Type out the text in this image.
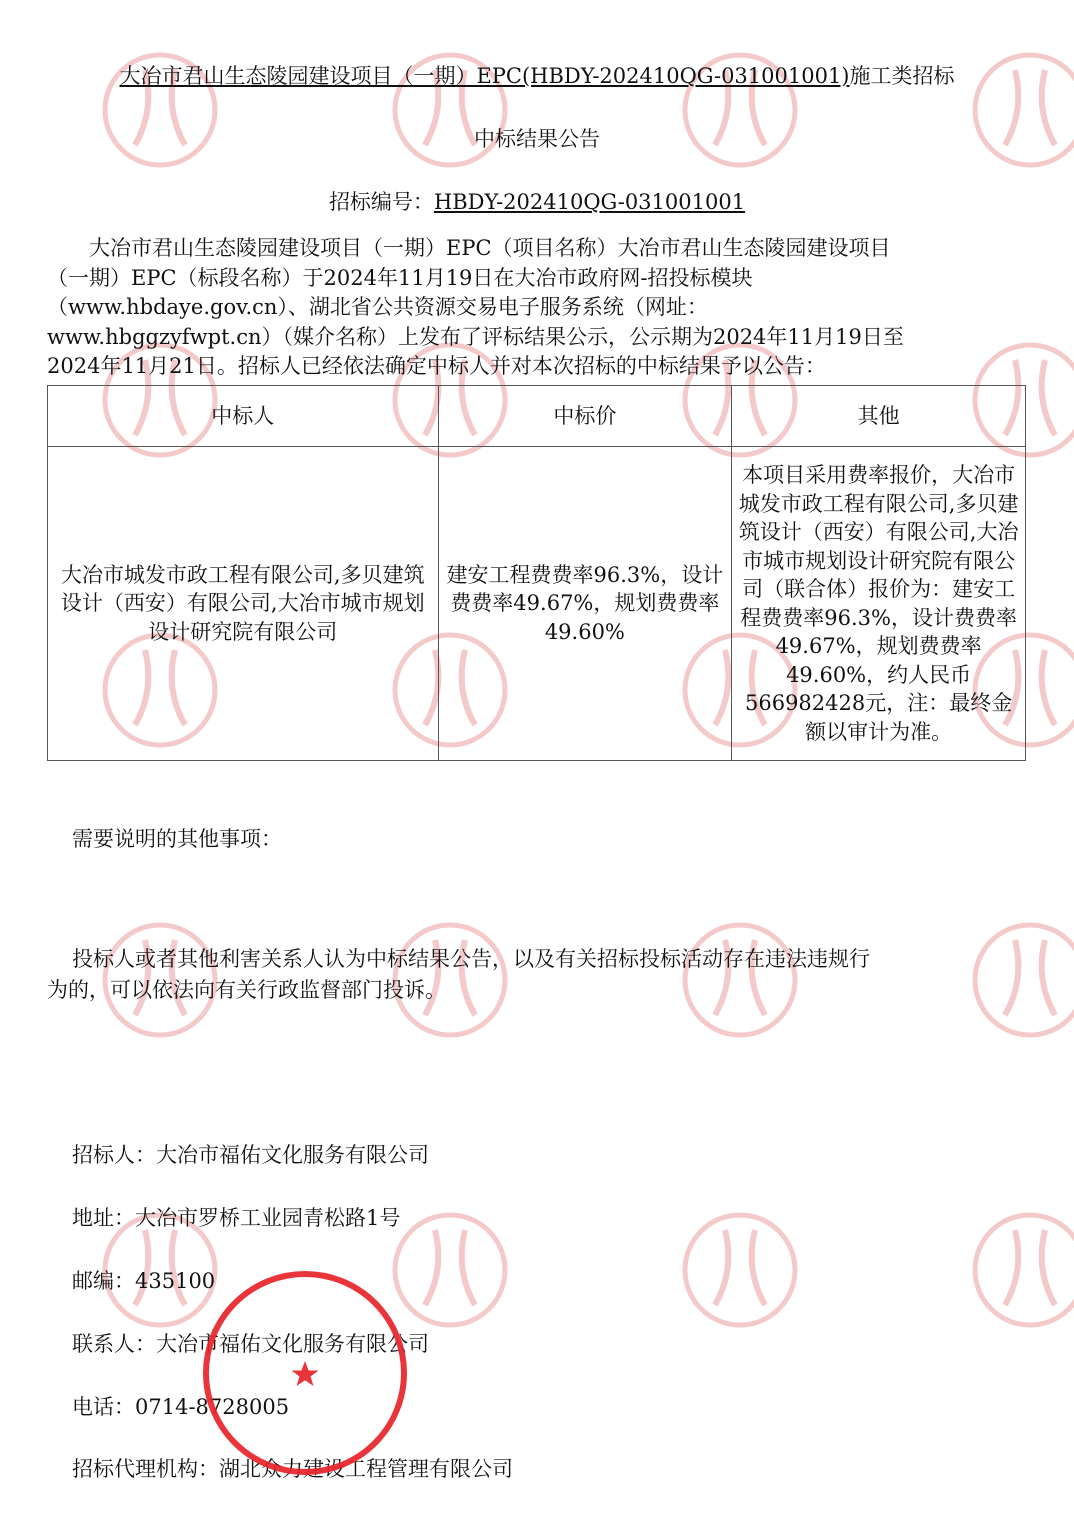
大冶市君山生态陵园建设项目（一期）EPC(HBDY-202410QG-031001001)施工类招标
中标结果公告
招标编号：HBDY-202410QG-031001001
　　大冶市君山生态陵园建设项目（一期）EPC（项目名称）大冶市君山生态陵园建设项目
（一期）EPC（标段名称）于2024年11月19日在大冶市政府网-招投标模块
（www.hbdaye.gov.cn）、湖北省公共资源交易电子服务系统（网址：
www.hbggzyfwpt.cn）（媒介名称）上发布了评标结果公示，公示期为2024年11月19日至
2024年11月21日。招标人已经依法确定中标人并对本次招标的中标结果予以公告：
中标人	中标价	其他
大冶市城发市政工程有限公司,多贝建筑设计（西安）有限公司,大冶市城市规划设计研究院有限公司	建安工程费费率96.3%，设计费费率49.67%，规划费费率49.60%	本项目采用费率报价，大冶市城发市政工程有限公司,多贝建筑设计（西安）有限公司,大冶市城市规划设计研究院有限公司（联合体）报价为：建安工程费费率96.3%，设计费费率49.67%，规划费费率49.60%，约人民币566982428元，注：最终金额以审计为准。
需要说明的其他事项：
投标人或者其他利害关系人认为中标结果公告，以及有关招标投标活动存在违法违规行
为的，可以依法向有关行政监督部门投诉。
招标人：大冶市福佑文化服务有限公司
地址：大冶市罗桥工业园青松路1号
邮编：435100
联系人：大冶市福佑文化服务有限公司
电话：0714-8728005
招标代理机构：湖北众力建设工程管理有限公司
